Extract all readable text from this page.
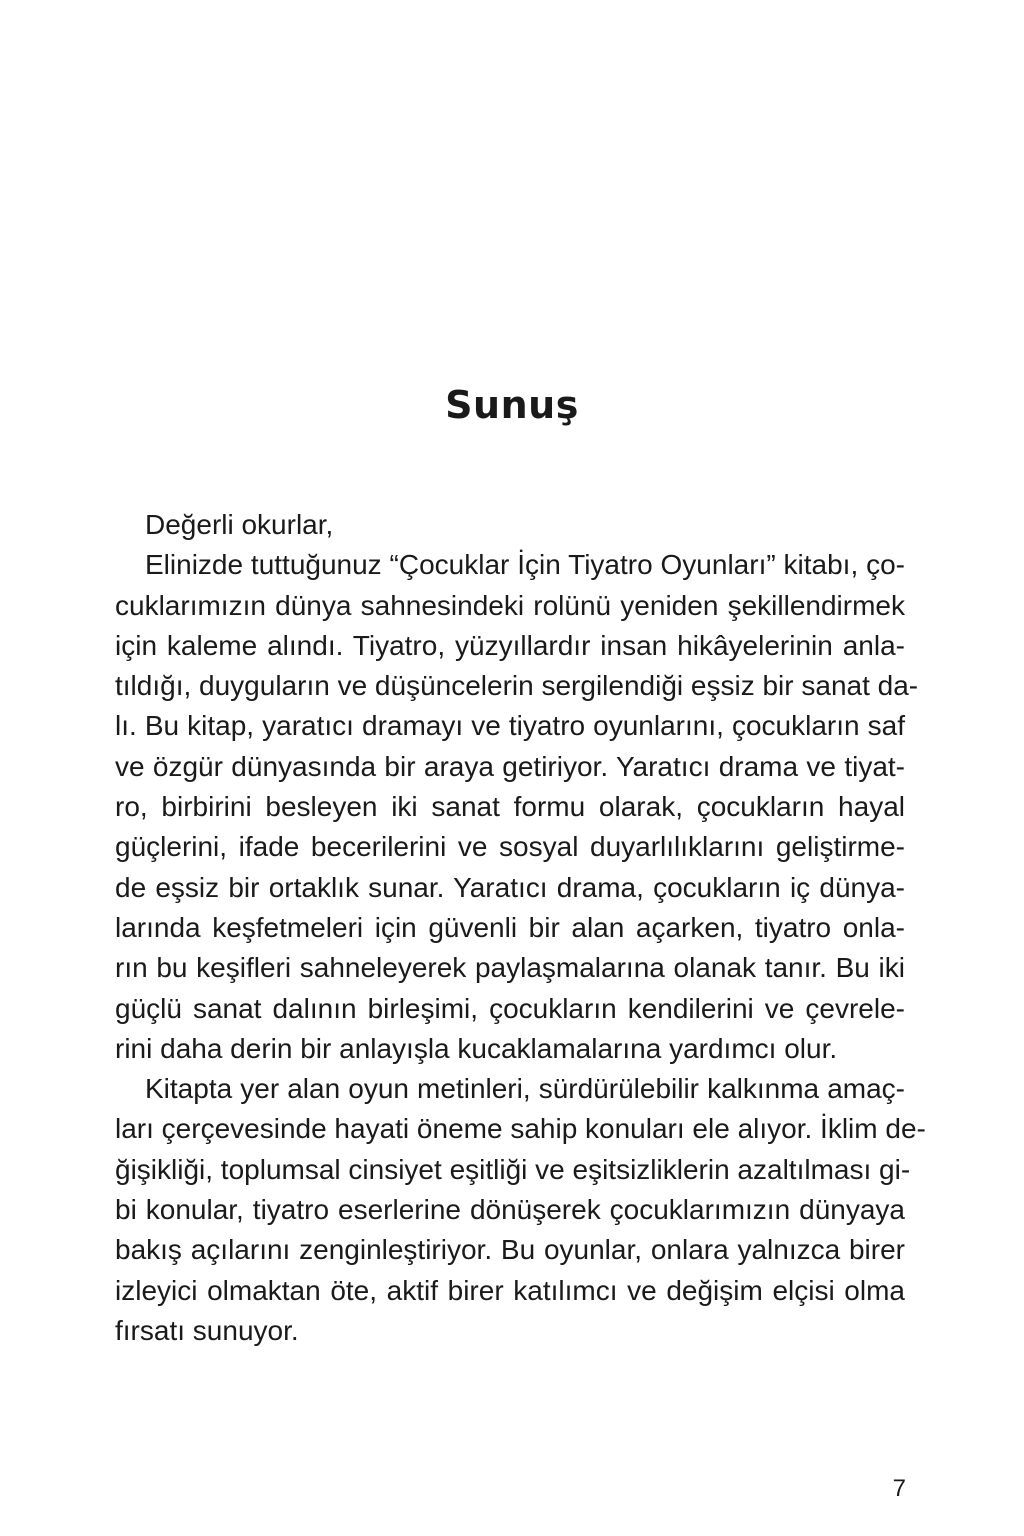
Sunuş
Değerli okurlar,
Elinizde tuttuğunuz “Çocuklar İçin Tiyatro Oyunları” kitabı, ço-
cuklarımızın dünya sahnesindeki rolünü yeniden şekillendirmek
için kaleme alındı. Tiyatro, yüzyıllardır insan hikâyelerinin anla-
tıldığı, duyguların ve düşüncelerin sergilendiği eşsiz bir sanat da-
lı. Bu kitap, yaratıcı dramayı ve tiyatro oyunlarını, çocukların saf
ve özgür dünyasında bir araya getiriyor. Yaratıcı drama ve tiyat-
ro, birbirini besleyen iki sanat formu olarak, çocukların hayal
güçlerini, ifade becerilerini ve sosyal duyarlılıklarını geliştirme-
de eşsiz bir ortaklık sunar. Yaratıcı drama, çocukların iç dünya-
larında keşfetmeleri için güvenli bir alan açarken, tiyatro onla-
rın bu keşifleri sahneleyerek paylaşmalarına olanak tanır. Bu iki
güçlü sanat dalının birleşimi, çocukların kendilerini ve çevrele-
rini daha derin bir anlayışla kucaklamalarına yardımcı olur.
Kitapta yer alan oyun metinleri, sürdürülebilir kalkınma amaç-
ları çerçevesinde hayati öneme sahip konuları ele alıyor. İklim de-
ğişikliği, toplumsal cinsiyet eşitliği ve eşitsizliklerin azaltılması gi-
bi konular, tiyatro eserlerine dönüşerek çocuklarımızın dünyaya
bakış açılarını zenginleştiriyor. Bu oyunlar, onlara yalnızca birer
izleyici olmaktan öte, aktif birer katılımcı ve değişim elçisi olma
fırsatı sunuyor.
7
